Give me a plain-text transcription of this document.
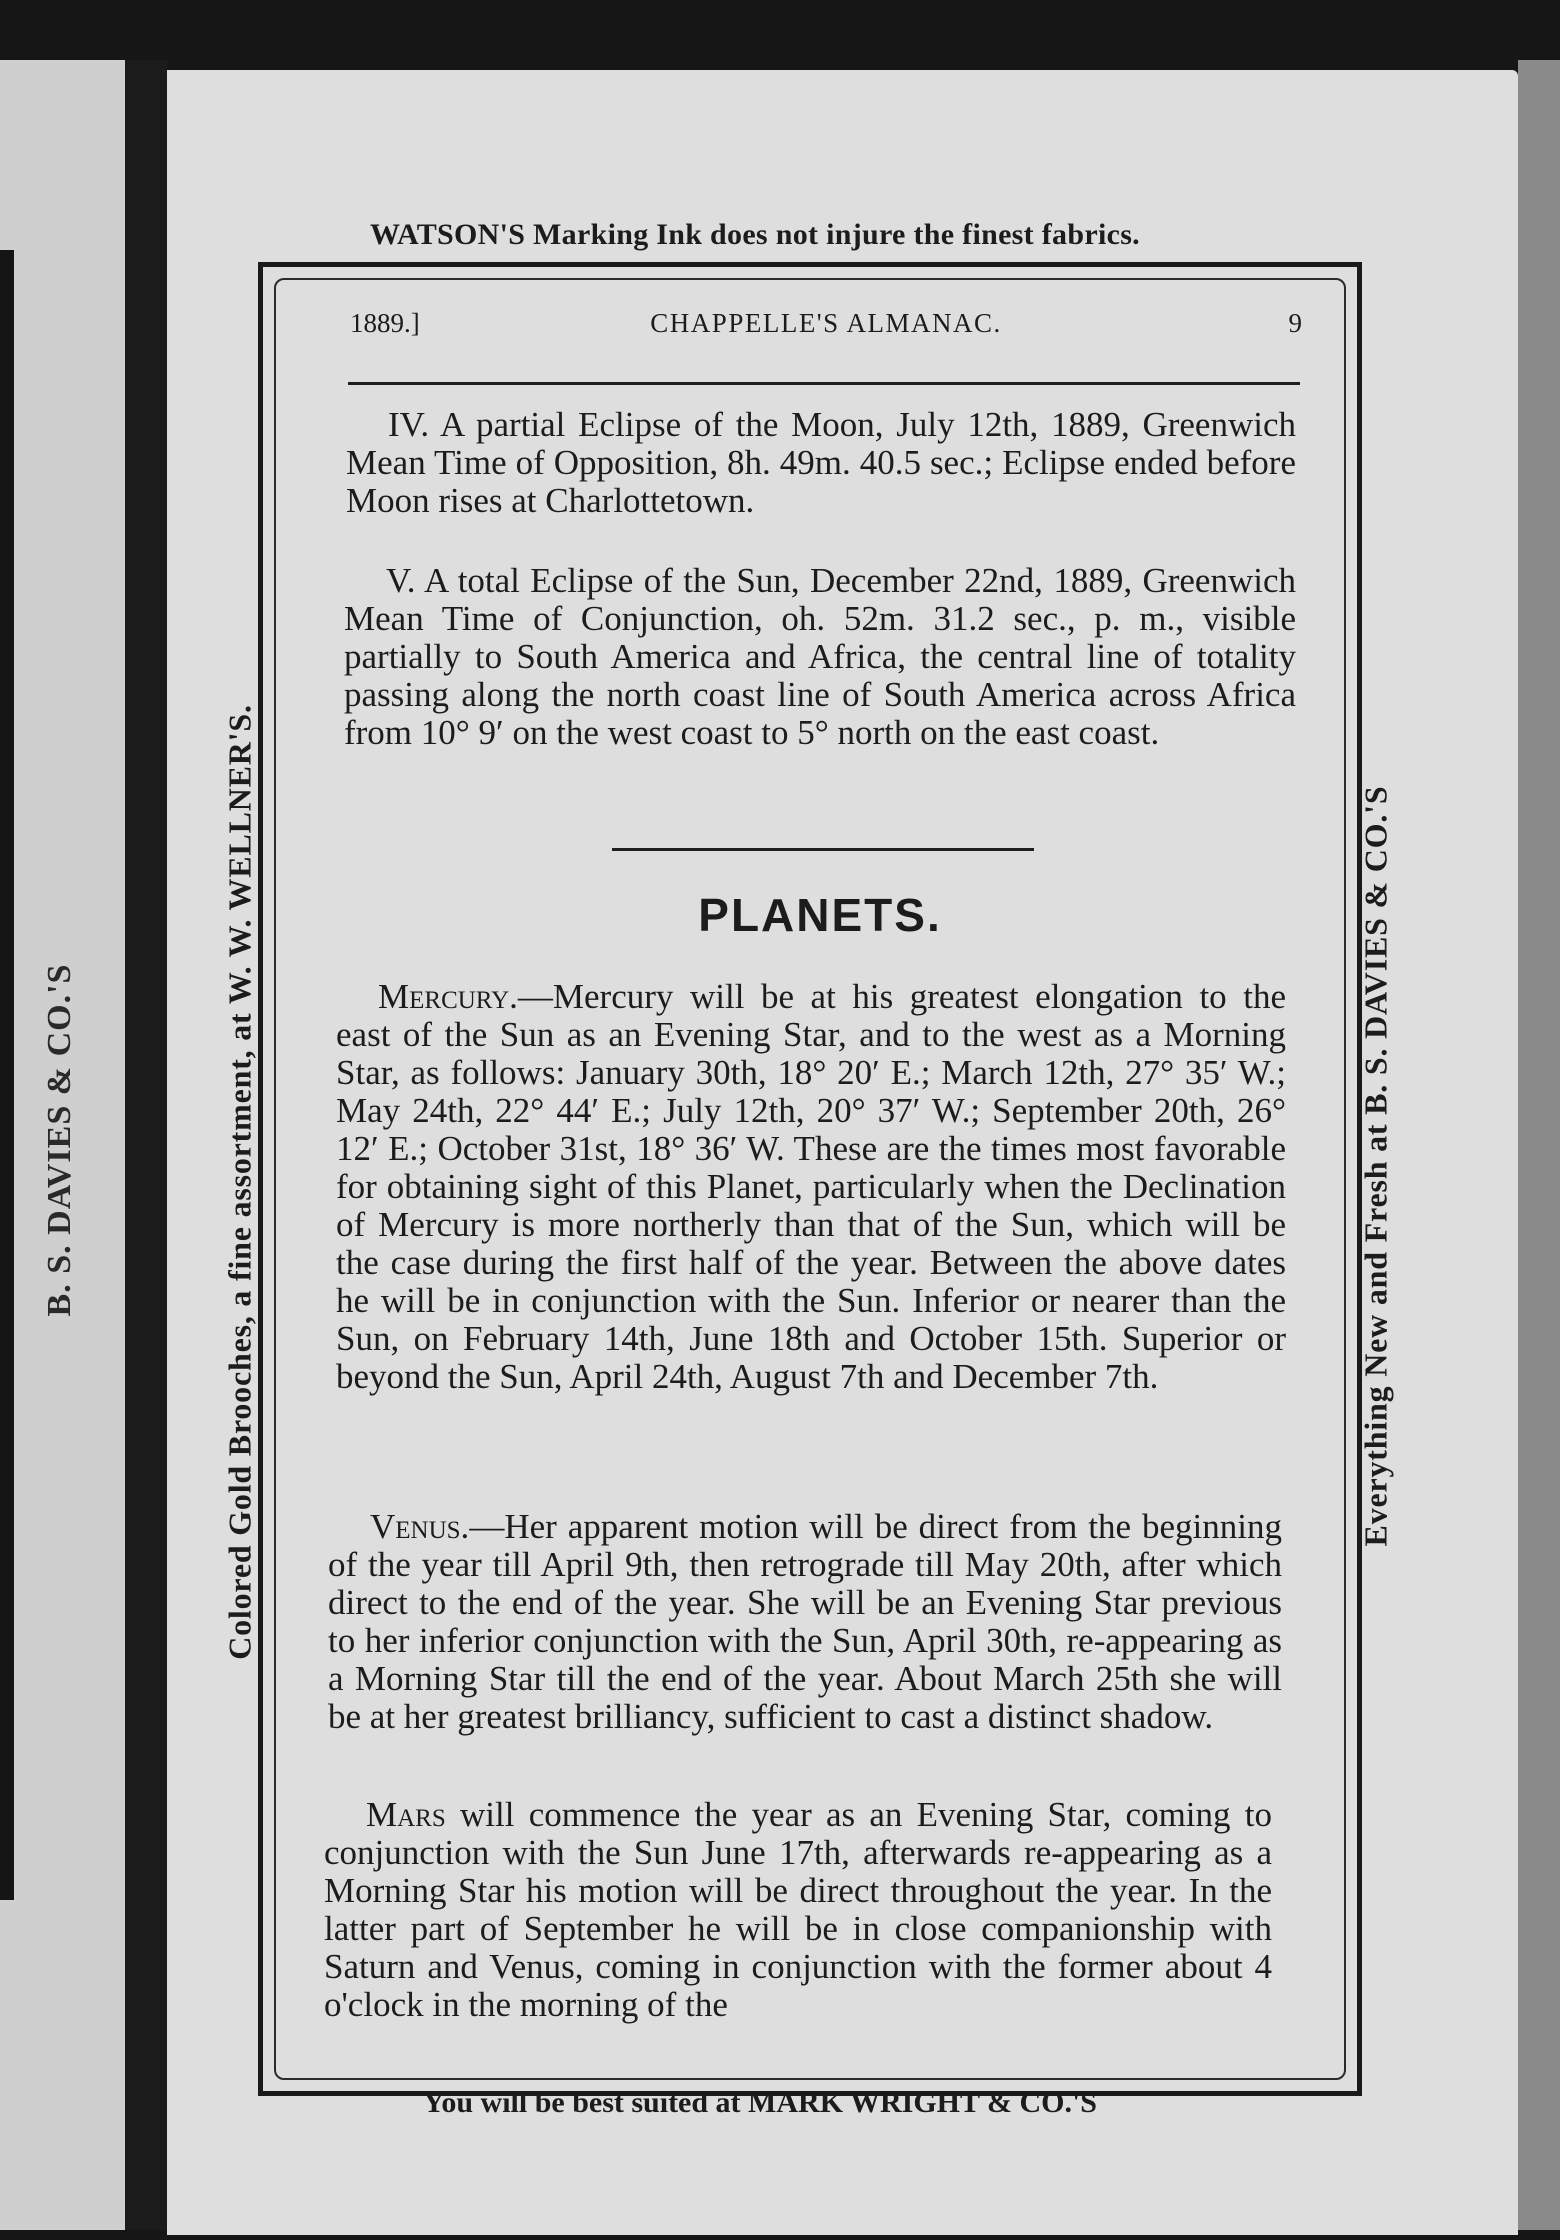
B. S. DAVIES & CO.'S
WATSON'S Marking Ink does not injure the finest fabrics.
Colored Gold Brooches, a fine assortment, at W. W. WELLNER'S.	Everything New and Fresh at B. S. DAVIES & CO.'S
You will be best suited at MARK WRIGHT & CO.'S
1889.]	CHAPPELLE'S ALMANAC.	9

IV. A partial Eclipse of the Moon, July 12th, 1889, Greenwich Mean Time of Opposition, 8h. 49m. 40.5 sec.; Eclipse ended before Moon rises at Charlottetown.

V. A total Eclipse of the Sun, December 22nd, 1889, Greenwich Mean Time of Conjunction, oh. 52m. 31.2 sec., p. m., visible partially to South America and Africa, the central line of totality passing along the north coast line of South America across Africa from 10° 9′ on the west coast to 5° north on the east coast.

PLANETS.

Mercury.—Mercury will be at his greatest elongation to the east of the Sun as an Evening Star, and to the west as a Morning Star, as follows: January 30th, 18° 20′ E.; March 12th, 27° 35′ W.; May 24th, 22° 44′ E.; July 12th, 20° 37′ W.; September 20th, 26° 12′ E.; October 31st, 18° 36′ W. These are the times most favorable for obtaining sight of this Planet, particularly when the Declination of Mercury is more northerly than that of the Sun, which will be the case during the first half of the year. Between the above dates he will be in conjunction with the Sun. Inferior or nearer than the Sun, on February 14th, June 18th and October 15th. Superior or beyond the Sun, April 24th, August 7th and December 7th.

Venus.—Her apparent motion will be direct from the beginning of the year till April 9th, then retrograde till May 20th, after which direct to the end of the year. She will be an Evening Star previous to her inferior conjunction with the Sun, April 30th, re-appearing as a Morning Star till the end of the year. About March 25th she will be at her greatest brilliancy, sufficient to cast a distinct shadow.

Mars will commence the year as an Evening Star, coming to conjunction with the Sun June 17th, afterwards re-appearing as a Morning Star his motion will be direct throughout the year. In the latter part of September he will be in close companionship with Saturn and Venus, coming in conjunction with the former about 4 o'clock in the morning of the
